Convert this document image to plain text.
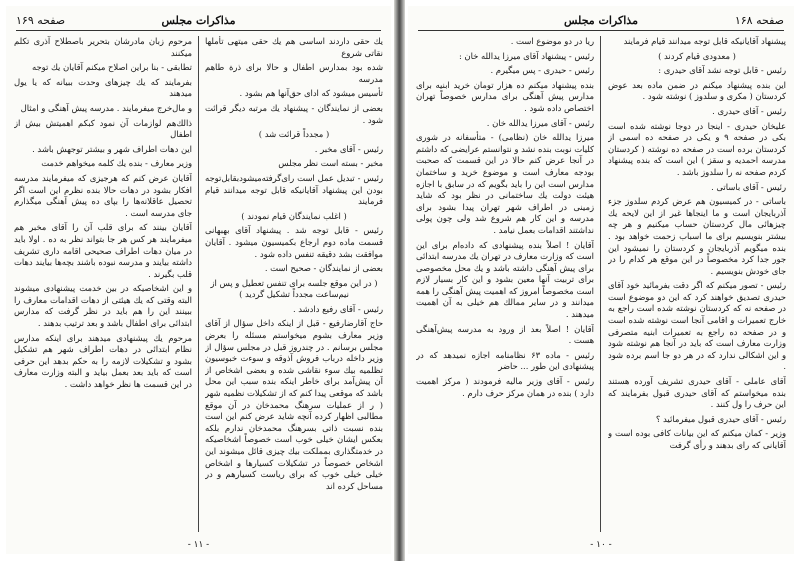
مذاکرات مجلس
صفحه ۱۶۹

يك حقى داردند اساسى هم يك حقى ميتهى تأملها نقاتى شروع

شده بود بمدارس اطفال و حالا براى ذرة طاهم مدرسه

تأسيس ميشود كه اداى حق‌آنها هم بشود .

بعضى از نمايندگان - پيشنهاد يك مرتبه ديگر قرائت شود .

( مجدداً قرائت شد )

رئيس - آقاى مخبر .

مخبر - بسته است نظر مجلس

رئيس - تبديل عمل است راى‌گرفته‌ميشود‌بقابل‌توجه بودن اين پيشنهاد آقايانيكه قابل توجه ميدانند قيام فرمايند

( اغلب نمايندگان قيام نمودند )

رئيس - قابل توجه شد . پيشنهاد آقاى بهبهانى قسمت ماده دوم ارجاع بكميسيون ميشود . آقايان موافقت بشد دقيقه تنفس داده شود .

بعضى از نمايندگان - صحيح است .

( در اين موقع جلسه براى تنفس تعطيل و پس از نيم‌ساعت مجدداً تشكيل گرديد )

رئيس - آقاى رفيع دادشد .

حاج آقارضارفيع - قبل از اينكه داخل سؤال از آقاى وزير معارف بشوم ميخواستم مسئله را بعرض مجلس برسانم . در چندروز قبل در مجلس سؤال از وزير داخله درباب فروش آذوقه و سوءت خبوسيون تظلميه بيك سوء نقاشى شده و بعضى اشخاص از آن پيش‌آمد براى خاطر اينكه بنده سبب اين محل باشد كه موقعى پيدا كنم كه از تشكيلات نظميه شهر ( ر از عمليات سرهنگ محمدخان در آن موقع مطالبى اظهار كرده آنچه شايد عرض كنم اين است بنده نسبت ذاتى بسرهنگ محمدخان ندارم بلكه بعكس ايشان خيلى خوب است خصوصاً اشخاصيكه در خدمتگذارى بمملكت بيك چيزى قائل ميشوند اين اشخاص خصوصاً در تشكيلات كسيارها و اشخاص خيلى خيلى خوب كه براى رياست كسيارهم و در مساحل كرده اند

مرحوم زبان مادرشان بتحرير باصطلاح آذرى تكلم ميكنند

تطابقى - بنا براين اصلاح ميكنم آقايان يك توجه

بفرمايند كه يك چيزهاى وحدت ببيانه كه يا يول ميدهند

و مال‌خرج ميفرمايند . مدرسه پيش آهنگى و امثال

ذالك‌هم لوازمات آن نمود كبكم اهميتش بيش از اطفال

اين دهات اطراف شهر و بيشتر توجهش باشد .

وزير معارف - بنده يك كلمه ميخواهم خدمت

آقايان عرض كنم كه هرجيزى كه ميفرمايند مدرسه افكار بشود در دهات حالا بنده نظرم اين است اگر تحصيل عاقلانه‌ها را بپاى ده پيش آهنگى ميگذارم جاى مدرسه است .

آقايان بينند كه براى قلب آن را آقاى مخبر هم ميفرمايند هر كس هر جا بتواند نظر به ده . اولا بايد در ميان دهات اطراف صحيحى اقامه دارى تشريف داشته بيايند و مدرسه نبوده باشند بچه‌ها بيايند دهات قلب بگيرند .

و اين اشخاصيكه در بين خدمت پيشنهادى ميشوند البته وقتى كه يك هيئتى از دهات اقدامات معارف را ببينند اين را هم بايد در نظر گرفت كه مدارس ابتدائى براى اطفال باشد و بعد ترتيب بدهند .

مرحوم يك پيشنهادى ميدهند براى اينكه مدارس نظام ابتدائى در دهات اطراف شهر هم تشكيل بشود و تشكيلات لازمه را به حكم بدهد اين حرفى است كه بايد بعد بعمل بيايد و البته وزارت معارف در اين قسمت ها نظر خواهد داشت .

- ۱۱ -
مذاکرات مجلس	صفحه ۱۶۸

پيشنهاد آقايانيكه قابل توجه ميدانند قيام فرمايند

( معدودى قيام كردند )

رئيس - قابل توجه نشد آقاى حيدرى :

اين بنده پيشنهاد ميكنم در ضمن ماده بعد عوض كردستان ( مكرى و سلدوز ) نوشته شود .

رئيس - آقاى حيدرى .

عليخان حيدرى - اينجا در دوجا نوشته شده است بكى در صفحه ۹ و يكى در صفحه ده اسمى از كردستان برده است در صفحه ده نوشته ( كردستان مدرسه احمديه و سقز ) اين است كه بنده پيشنهاد كردم صفحه نه را سلدوز باشد .

رئيس - آقاى باساتى .

باساتى - در كميسيون هم عرض كردم سلدوز جزء آذربايجان است و ما اينجا‌ها غير از اين لايحه يك چيزهائى مال كردستان حساب ميكنيم و هر چه بيشتر بنويسيم براى ما اسباب زحمت خواهد بود . بنده ميگويم آذربايجان و كردستان را نميشود اين جور جدا كرد مخصوصاً در اين موقع هر كدام را در جاى خودش بنويسيم .

رئيس - تصور ميكنم كه اگر دقت بفرمائيد خود آقاى حيدرى تصديق خواهند كرد كه اين دو موضوع است در صفحه نه كه كردستان نوشته شده است راجع به خارج تعميرات و اقامى آنجا است نوشته شده است و در صفحه ده راجع به تعميرات ابنيه متصرفى وزارت معارف است كه بايد در آنجا هم نوشته شود و اين اشكالى ندارد كه در هر دو جا اسم برده شود .

آقاى عاملى - آقاى حيدرى تشريف آورده هستند بنده ميخواستم كه آقاى حيدرى قبول بفرمايند كه اين حرف را ول كنند .

رئيس - آقاى حيدرى قبول ميفرمائيد ؟

وزير - كمان ميكنم كه اين بيانات كافى بوده است و آقايانى كه راى بدهند و رأى گرفت

ريا در دو موضوع است .

رئيس - پيشنهاد آقاى ميرزا يدالله خان :

رئيس - حيدرى - پس ميگيرم .

بنده پيشنهاد ميكنم ده هزار تومان خريد ابنيه براى مدارس پيش آهنگى براى مدارس خصوصاً تهران اختصاص داده شود .

رئيس - آقاى ميرزا يدالله خان .

ميرزا يدالله خان (نظامى) - متأسفانه در شورى كليات نوبت بنده نشد و نتوانستم عرايضى كه داشتم در آنجا عرض كنم حالا در اين قسمت كه صحبت بودجه معارف است و موضوع خريد و ساختمان مدارس است اين را بايد بگويم كه در سابق با اجازه هيئت دولت يك ساختمانى در نظر بود كه شايد زمينى در اطراف شهر تهران پيدا بشود براى مدرسه و اين كار هم شروع شد ولى چون پولى نداشتند اقدامات بعمل نيامد .

آقايان ! اصلاً بنده پيشنهادى كه داده‌ام براى اين است كه وزارت معارف در تهران يك مدرسه ابتدائى براى پيش آهنگى داشته باشد و يك محل مخصوصى براى تربيت آنها معين بشود و اين كار بسيار لازم است مخصوصاً امروز كه اهميت پيش آهنگى را همه ميدانند و در ساير ممالك هم خيلى به آن اهميت ميدهند .

آقايان ! اصلاً بعد از ورود به مدرسه پيش‌آهنگى هست .

رئيس - ماده ۶۳ نظامنامه اجازه نميدهد كه در پيشنهادى اين طور ... حاضر

رئيس - آقاى وزير ماليه فرمودند ( مركز اهميت دارد ) بنده در همان مركز حرف دارم .

- ۱۰ -
